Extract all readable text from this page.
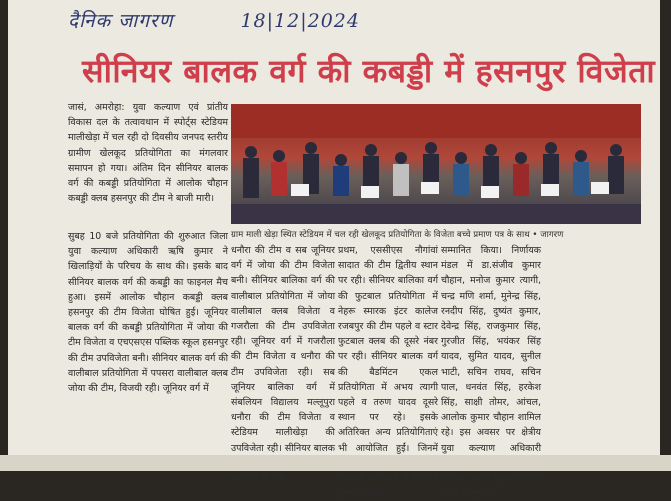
दैनिक जागरण	18|12|2024
सीनियर बालक वर्ग की कबड्डी में हसनपुर विजेता

जासं, अमरोहा: युवा कल्याण एवं प्रांतीय विकास दल के तत्वावधान में स्पोर्ट्स स्टेडियम मालीखेड़ा में चल रही दो दिवसीय जनपद स्तरीय ग्रामीण खेलकूद प्रतियोगिता का मंगलवार समापन हो गया। अंतिम दिन सीनियर बालक वर्ग की कबड्डी प्रतियोगिता में आलोक चौहान कबड्डी क्लब हसनपुर की टीम ने बाजी मारी।

सुबह 10 बजे प्रतियोगिता की शुरुआत जिला युवा कल्याण अधिकारी ऋषि कुमार ने खिलाड़ियों के परिचय के साथ की। इसके बाद सीनियर बालक वर्ग की कबड्डी का फाइनल मैच हुआ। इसमें आलोक चौहान कबड्डी क्लब हसनपुर की टीम विजेता घोषित हुई। जूनियर बालक वर्ग की कबड्डी प्रतियोगिता में जोया की टीम विजेता व एचएसएस पब्लिक स्कूल हसनपुर की टीम उपविजेता बनी। सीनियर बालक वर्ग की वालीबाल प्रतियोगिता में पपसरा वालीबाल क्लब जोया की टीम, विजयी रही। जूनियर वर्ग में

ग्राम माली खेड़ा स्थित स्टेडियम में चल रही खेलकूद प्रतियोगिता के विजेता बच्चे प्रमाण पत्र के साथ • जागरण

धनौरा की टीम व सब जूनियर वर्ग में जोया की टीम विजेता बनी। सीनियर बालिका वर्ग की वालीबाल प्रतियोगिता में जोया वालीबाल क्लब विजेता व गजरौला की टीम उपविजेता रही। जूनियर वर्ग में गजरौला की टीम विजेता व धनौरा की टीम उपविजेता रही। सब जूनियर बालिका वर्ग में संबलियन विद्यालय मल्लूपुरा धनौरा की टीम विजेता व स्टेडियम मालीखेड़ा की उपविजेता रही। सीनियर बालक अमरोहा की टीम

प्रथम, एससीएस नौगांवां सादात की टीम द्वितीय स्थान पर रही। सीनियर बालिका वर्ग की फुटबाल प्रतियोगिता में नेहरू स्मारक इंटर कालेज रजबपुर की टीम पहले व स्टार फुटबाल क्लब की दूसरे नंबर पर रही। सीनियर बालक वर्ग की बैडमिंटन एकल प्रतियोगिता में अभय त्यागी पहले व तरुण यादव दूसरे स्थान पर रहे। इसके अतिरिक्त अन्य प्रतियोगिताएं भी आयोजित हुईं। जिनमें कल्याण अधिकारी ने मेडल व पुरस्कार देकर

सम्मानित किया। निर्णायक मंडल में डा.संजीव कुमार चौहान, मनोज कुमार त्यागी, चन्द्र मणि शर्मा, मुनेन्द्र सिंह, रनदीप सिंह, दुष्यंत कुमार, देवेन्द्र सिंह, राजकुमार सिंह, गुरजीत सिंह, भयंकर सिंह यादव, सुमित यादव, सुनील भाटी, सचिन राघव, सचिन पाल, धनवंत सिंह, हरकेश सिंह, साक्षी तोमर, आंचल, आलोक कुमार चौहान शामिल रहे। इस अवसर पर क्षेत्रीय युवा कल्याण अधिकारी जाखड़, प्रदीप कुमार चौहान आदि मौजूद रहे।
